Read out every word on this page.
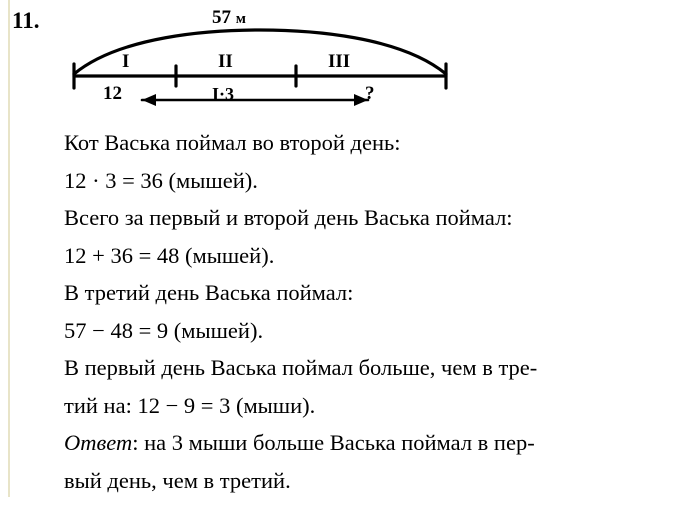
11.	57 м
I	II	III
12	I·3	?
Кот Васька поймал во второй день:
12 · 3 = 36 (мышей).
Всего за первый и второй день Васька поймал:
12 + 36 = 48 (мышей).
В третий день Васька поймал:
57 − 48 = 9 (мышей).
В первый день Васька поймал больше, чем в тре-
тий на: 12 − 9 = 3 (мыши).
Ответ: на 3 мыши больше Васька поймал в пер-
вый день, чем в третий.
